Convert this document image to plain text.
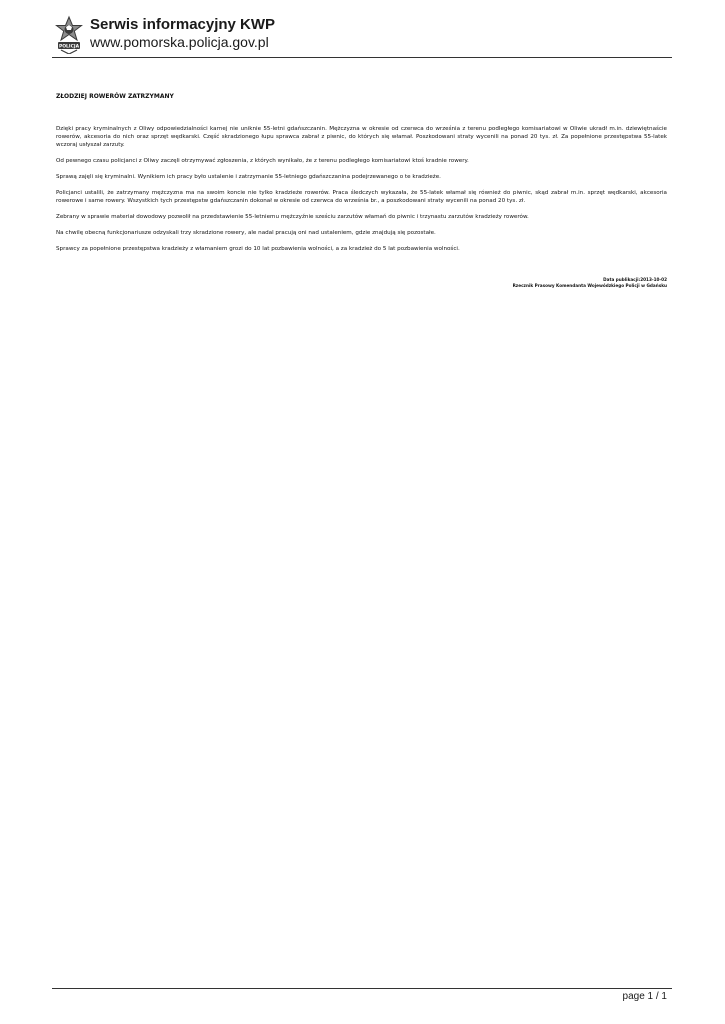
POLICJA
Serwis informacyjny KWP
www.pomorska.policja.gov.pl
ZŁODZIEJ ROWERÓW ZATRZYMANY

Dzięki pracy kryminalnych z Oliwy odpowiedzialności karnej nie uniknie 55-letni gdańszczanin. Mężczyzna w okresie od czerwca do września z terenu podległego komisariatowi w Oliwie ukradł m.in. dziewiętnaście rowerów, akcesoria do nich oraz sprzęt wędkarski. Część skradzionego łupu sprawca zabrał z piwnic, do których się włamał. Poszkodowani straty wycenili na ponad 20 tys. zł. Za popełnione przestępstwa 55-latek wczoraj usłyszał zarzuty.

Od pewnego czasu policjanci z Oliwy zaczęli otrzymywać zgłoszenia, z których wynikało, że z terenu podległego komisariatowi ktoś kradnie rowery.

Sprawą zajęli się kryminalni. Wynikiem ich pracy było ustalenie i zatrzymanie 55-letniego gdańszczanina podejrzewanego o te kradzieże.

Policjanci ustalili, że zatrzymany mężczyzna ma na swoim koncie nie tylko kradzieże rowerów. Praca śledczych wykazała, że 55-latek włamał się również do piwnic, skąd zabrał m.in. sprzęt wędkarski, akcesoria rowerowe i same rowery. Wszystkich tych przestępstw gdańszczanin dokonał w okresie od czerwca do września br., a poszkodowani straty wycenili na ponad 20 tys. zł.

Zebrany w sprawie materiał dowodowy pozwolił na przedstawienie 55-letniemu mężczyźnie sześciu zarzutów włamań do piwnic i trzynastu zarzutów kradzieży rowerów.

Na chwilę obecną funkcjonariusze odzyskali trzy skradzione rowery, ale nadal pracują oni nad ustaleniem, gdzie znajdują się pozostałe.

Sprawcy za popełnione przestępstwa kradzieży z włamaniem grozi do 10 lat pozbawienia wolności, a za kradzież do 5 lat pozbawienia wolności.

Data publikacji:2013-10-02
Rzecznik Prasowy Komendanta Wojewódzkiego Policji w Gdańsku
page 1 / 1
